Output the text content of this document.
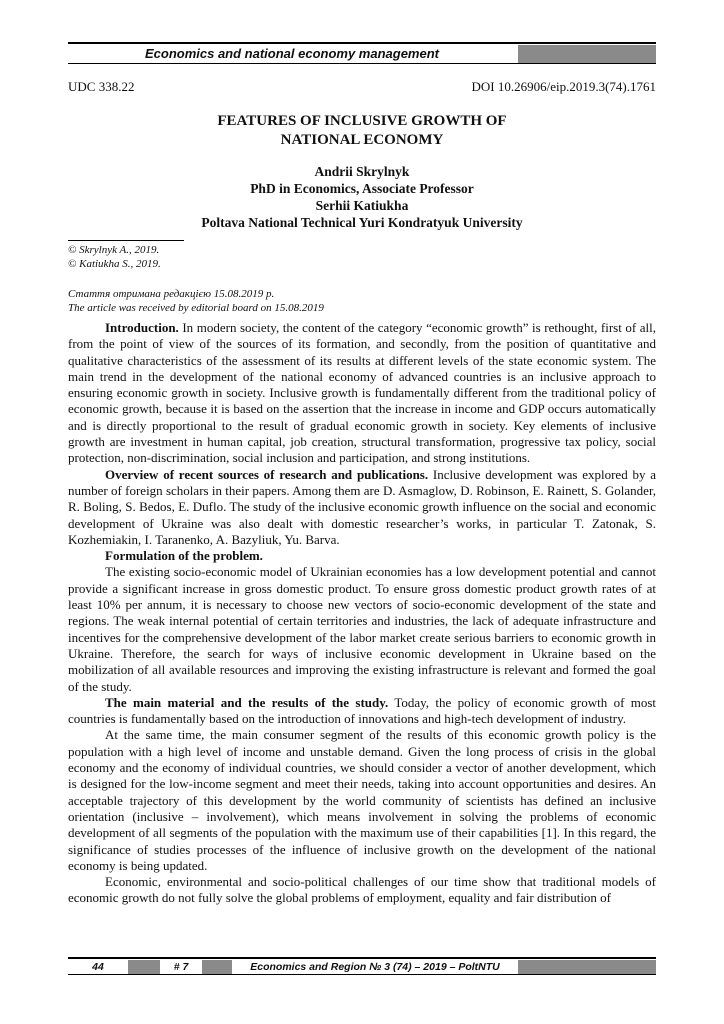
Economics and national economy management
UDC 338.22	DOI 10.26906/eip.2019.3(74).1761
FEATURES OF INCLUSIVE GROWTH OF
NATIONAL ECONOMY
Andrii Skrylnyk
PhD in Economics, Associate Professor
Serhii Katiukha
Poltava National Technical Yuri Kondratyuk University
© Skrylnyk A., 2019.
© Katiukha S., 2019.
Стаття отримана редакцією 15.08.2019 р.
The article was received by editorial board on 15.08.2019

Introduction. In modern society, the content of the category “economic growth” is rethought, first of all, from the point of view of the sources of its formation, and secondly, from the position of quantitative and qualitative characteristics of the assessment of its results at different levels of the state economic system. The main trend in the development of the national economy of advanced countries is an inclusive approach to ensuring economic growth in society. Inclusive growth is fundamentally different from the traditional policy of economic growth, because it is based on the assertion that the increase in income and GDP occurs automatically and is directly proportional to the result of gradual economic growth in society. Key elements of inclusive growth are investment in human capital, job creation, structural transformation, progressive tax policy, social protection, non-discrimination, social inclusion and participation, and strong institutions.

Overview of recent sources of research and publications. Inclusive development was explored by a number of foreign scholars in their papers. Among them are D. Asmaglow, D. Robinson, E. Rainett, S. Golander, R. Boling, S. Bedos, E. Duflo. The study of the inclusive economic growth influence on the social and economic development of Ukraine was also dealt with domestic researcher’s works, in particular T. Zatonak, S. Kozhemiakin, I. Taranenko, A. Bazyliuk, Yu. Barva.

Formulation of the problem.

The existing socio-economic model of Ukrainian economies has a low development potential and cannot provide a significant increase in gross domestic product. To ensure gross domestic product growth rates of at least 10% per annum, it is necessary to choose new vectors of socio-economic development of the state and regions. The weak internal potential of certain territories and industries, the lack of adequate infrastructure and incentives for the comprehensive development of the labor market create serious barriers to economic growth in Ukraine. Therefore, the search for ways of inclusive economic development in Ukraine based on the mobilization of all available resources and improving the existing infrastructure is relevant and formed the goal of the study.

The main material and the results of the study. Today, the policy of economic growth of most countries is fundamentally based on the introduction of innovations and high-tech development of industry.

At the same time, the main consumer segment of the results of this economic growth policy is the population with a high level of income and unstable demand. Given the long process of crisis in the global economy and the economy of individual countries, we should consider a vector of another development, which is designed for the low-income segment and meet their needs, taking into account opportunities and desires. An acceptable trajectory of this development by the world community of scientists has defined an inclusive orientation (inclusive – involvement), which means involvement in solving the problems of economic development of all segments of the population with the maximum use of their capabilities [1]. In this regard, the significance of studies processes of the influence of inclusive growth on the development of the national economy is being updated.

Economic, environmental and socio-political challenges of our time show that traditional models of economic growth do not fully solve the global problems of employment, equality and fair distribution of

44	# 7	Economics and Region № 3 (74) – 2019 – PoltNTU
